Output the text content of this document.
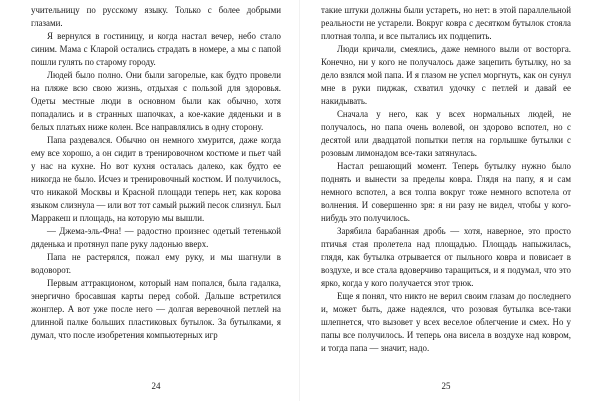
учительницу по русскому языку. Только с более добрыми глазами.

Я вернулся в гостиницу, и когда настал вечер, небо стало синим. Мама с Кларой остались страдать в номере, а мы с папой пошли гулять по старому городу.

Людей было полно. Они были загорелые, как будто провели на пляже всю свою жизнь, отдыхая с пользой для здоровья. Одеты местные люди в основном были как обычно, хотя попадались и в странных шапочках, а кое-какие дяденьки и в белых платьях ниже колен. Все направлялись в одну сторону.

Папа раздевался. Обычно он немного хмурится, даже когда ему все хорошо, а он сидит в тренировочном костюме и пьет чай у нас на кухне. Но вот кухня осталась далеко, как будто ее никогда не было. Исчез и тренировочный костюм. И получилось, что никакой Москвы и Красной площади теперь нет, как корова языком слизнула — или вот тот самый рыжий песок слизнул. Был Марракеш и площадь, на которую мы вышли.

— Джема-эль-Фна! — радостно произнес одетый тетенькой дяденька и протянул папе руку ладонью вверх.

Папа не растерялся, пожал ему руку, и мы шагнули в водоворот.

Первым аттракционом, который нам попался, была гадалка, энергично бросавшая карты перед собой. Дальше встретился жонглер. А вот уже после него — долгая веревочной петлей на длинной палке больших пластиковых бутылок. За бутылками, я думал, что после изобретения компьютерных игр

такие штуки должны были устареть, но нет: в этой параллельной реальности не устарели. Вокруг ковра с десятком бутылок стояла плотная толпа, и все пытались их подцепить.

Люди кричали, смеялись, даже немного выли от восторга. Конечно, ни у кого не получалось даже зацепить бутылку, но за дело взялся мой папа. И я глазом не успел моргнуть, как он сунул мне в руки пиджак, схватил удочку с петлей и давай ее накидывать.

Сначала у него, как у всех нормальных людей, не получалось, но папа очень волевой, он здорово вспотел, но с десятой или двадцатой попытки петля на горлышке бутылки с розовым лимонадом все-таки затянулась.

Настал решающий момент. Теперь бутылку нужно было поднять и вынести за пределы ковра. Глядя на папу, я и сам немного вспотел, а вся толпа вокруг тоже немного вспотела от волнения. И совершенно зря: я ни разу не видел, чтобы у кого-нибудь это получилось.

Зарябила барабанная дробь — хотя, наверное, это просто птичья стая пролетела над площадью. Площадь напыжилась, глядя, как бутылка отрывается от пыльного ковра и повисает в воздухе, и все стала вдоверчиво таращиться, и я подумал, что это ярко, когда у кого получается этот трюк.

Еще я понял, что никто не верил своим глазам до последнего и, может быть, даже надеялся, что розовая бутылка все-таки шлепнется, что вызовет у всех веселое облегчение и смех. Но у папы все получилось. И теперь она висела в воздухе над ковром, и тогда папа — значит, надо.

24	25
